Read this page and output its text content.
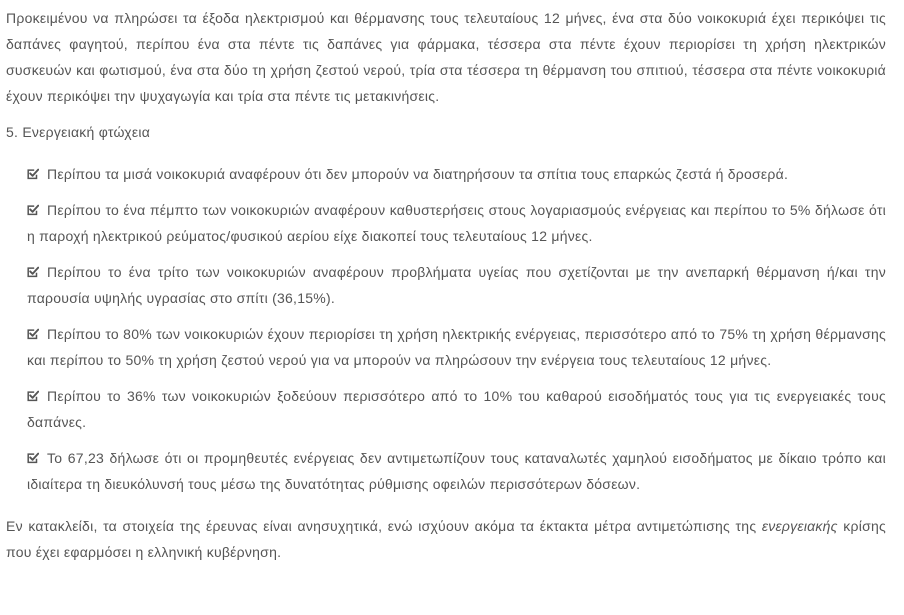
Προκειμένου να πληρώσει τα έξοδα ηλεκτρισμού και θέρμανσης τους τελευταίους 12 μήνες, ένα στα δύο νοικοκυριά έχει περικόψει τις δαπάνες φαγητού, περίπου ένα στα πέντε τις δαπάνες για φάρμακα, τέσσερα στα πέντε έχουν περιορίσει τη χρήση ηλεκτρικών συσκευών και φωτισμού, ένα στα δύο τη χρήση ζεστού νερού, τρία στα τέσσερα τη θέρμανση του σπιτιού, τέσσερα στα πέντε νοικοκυριά έχουν περικόψει την ψυχαγωγία και τρία στα πέντε τις μετακινήσεις.

5. Ενεργειακή φτώχεια
Περίπου τα μισά νοικοκυριά αναφέρουν ότι δεν μπορούν να διατηρήσουν τα σπίτια τους επαρκώς ζεστά ή δροσερά.
Περίπου το ένα πέμπτο των νοικοκυριών αναφέρουν καθυστερήσεις στους λογαριασμούς ενέργειας και περίπου το 5% δήλωσε ότι η παροχή ηλεκτρικού ρεύματος/φυσικού αερίου είχε διακοπεί τους τελευταίους 12 μήνες.
Περίπου το ένα τρίτο των νοικοκυριών αναφέρουν προβλήματα υγείας που σχετίζονται με την ανεπαρκή θέρμανση ή/και την παρουσία υψηλής υγρασίας στο σπίτι (36,15%).
Περίπου το 80% των νοικοκυριών έχουν περιορίσει τη χρήση ηλεκτρικής ενέργειας, περισσότερο από το 75% τη χρήση θέρμανσης και περίπου το 50% τη χρήση ζεστού νερού για να μπορούν να πληρώσουν την ενέργεια τους τελευταίους 12 μήνες.
Περίπου το 36% των νοικοκυριών ξοδεύουν περισσότερο από το 10% του καθαρού εισοδήματός τους για τις ενεργειακές τους δαπάνες.
Το 67,23 δήλωσε ότι οι προμηθευτές ενέργειας δεν αντιμετωπίζουν τους καταναλωτές χαμηλού εισοδήματος με δίκαιο τρόπο και ιδιαίτερα τη διευκόλυνσή τους μέσω της δυνατότητας ρύθμισης οφειλών περισσότερων δόσεων.

Εν κατακλείδι, τα στοιχεία της έρευνας είναι ανησυχητικά, ενώ ισχύουν ακόμα τα έκτακτα μέτρα αντιμετώπισης της ενεργειακής κρίσης που έχει εφαρμόσει η ελληνική κυβέρνηση.
